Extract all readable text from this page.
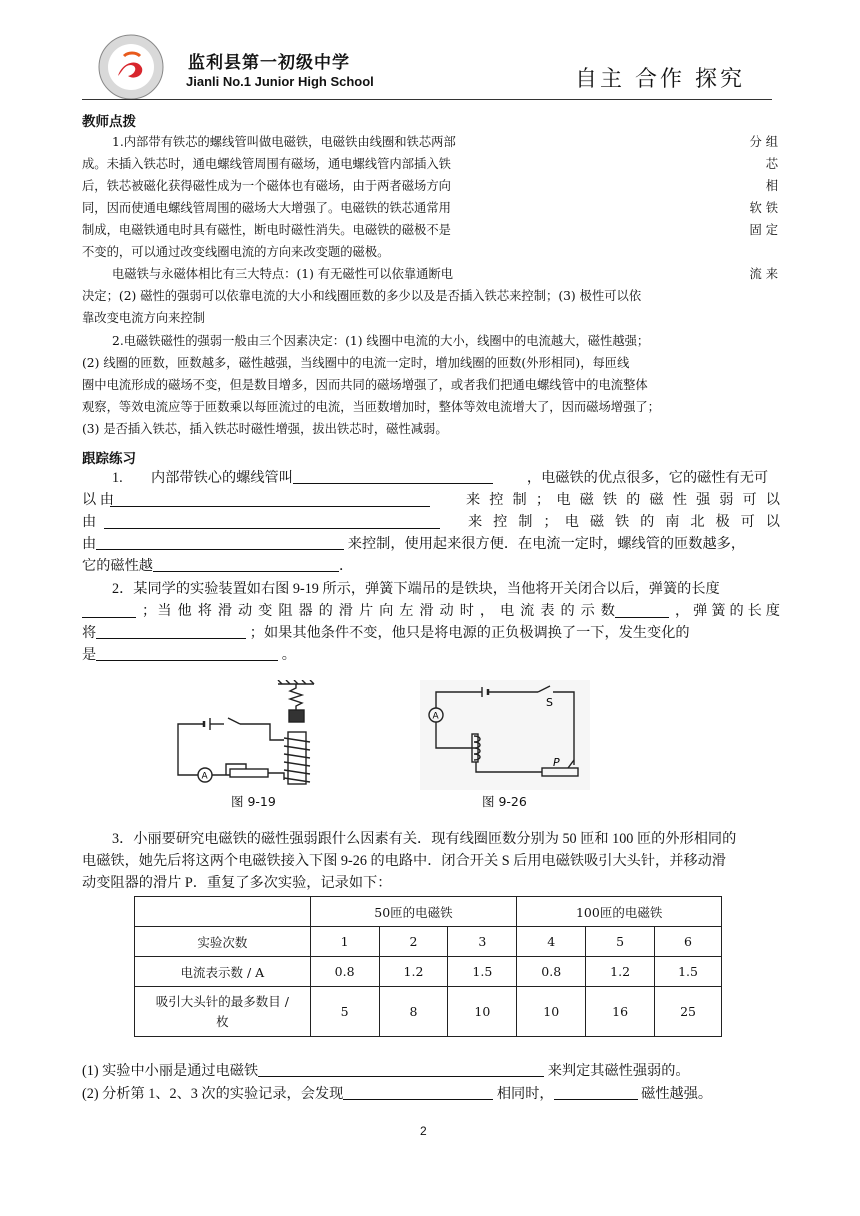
监利县第一初级中学
Jianli No.1 Junior High School	自主 合作 探究
教师点拨
1.内部带有铁芯的螺线管叫做电磁铁，电磁铁由线圈和铁芯两部
成。未插入铁芯时，通电螺线管周围有磁场，通电螺线管内部插入铁
后，铁芯被磁化获得磁性成为一个磁体也有磁场，由于两者磁场方向
同，因而使通电螺线管周围的磁场大大增强了。电磁铁的铁芯通常用
制成，电磁铁通电时具有磁性，断电时磁性消失。电磁铁的磁极不是
不变的，可以通过改变线圈电流的方向来改变题的磁极。
分 组
芯
相
软 铁
固 定
电磁铁与永磁体相比有三大特点：(1) 有无磁性可以依靠通断电	流 来
决定；(2) 磁性的强弱可以依靠电流的大小和线圈匝数的多少以及是否插入铁芯来控制；(3) 极性可以依
靠改变电流方向来控制
2.电磁铁磁性的强弱一般由三个因素决定：(1) 线圈中电流的大小，线圈中的电流越大，磁性越强；
(2) 线圈的匝数，匝数越多，磁性越强，当线圈中的电流一定时，增加线圈的匝数(外形相同)，每匝线
圈中电流形成的磁场不变，但是数目增多，因而共同的磁场增强了，或者我们把通电螺线管中的电流整体
观察，等效电流应等于匝数乘以每匝流过的电流，当匝数增加时，整体等效电流增大了，因而磁场增强了；
(3) 是否插入铁芯，插入铁芯时磁性增强，拔出铁芯时，磁性减弱。
跟踪练习
1.　　内部带铁心的螺线管叫	，电磁铁的优点很多，它的磁性有无可
以 由	来 控 制 ； 电 磁 铁 的 磁 性 强 弱 可 以
由	来 控 制 ； 电 磁 铁 的 南 北 极 可 以
由	来控制，使用起来很方便．在电流一定时，螺线管的匝数越多，
它的磁性越	．
2．某同学的实验装置如右图 9-19 所示，弹簧下端吊的是铁块，当他将开关闭合以后，弹簧的长度
；当 他 将 滑 动 变 阻 器 的 滑 片 向 左 滑 动 时 ， 电 流 表 的 示 数	， 弹 簧 的 长 度
将	；如果其他条件不变，他只是将电源的正负极调换了一下，发生变化的
是	。
A
图 9-19
A
S
P
图 9-26
3．小丽要研究电磁铁的磁性强弱跟什么因素有关．现有线圈匝数分别为 50 匝和 100 匝的外形相同的
电磁铁，她先后将这两个电磁铁接入下图 9-26 的电路中．闭合开关 S 后用电磁铁吸引大头针，并移动滑
动变阻器的滑片 P．重复了多次实验，记录如下：
	50匝的电磁铁			100匝的电磁铁		
实验次数	1	2	3	4	5	6
电流表示数 / A	0.8	1.2	1.5	0.8	1.2	1.5
吸引大头针的最多数目 / 枚	5	8	10	10	16	25
(1) 实验中小丽是通过电磁铁	来判定其磁性强弱的。
(2) 分析第 1、2、3 次的实验记录，会发现	相同时，	磁性越强。
2
